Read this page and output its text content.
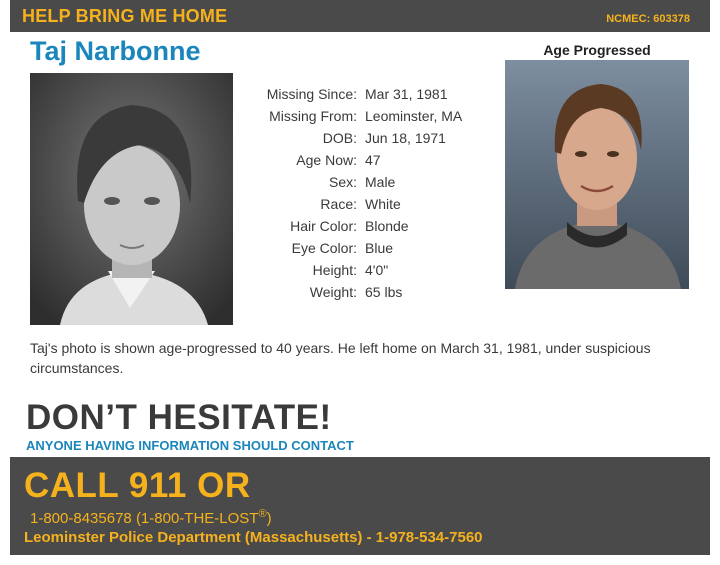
HELP BRING ME HOME	NCMEC: 603378
Taj Narbonne	Age Progressed
Missing Since: Mar 31, 1981
Missing From: Leominster, MA
DOB: Jun 18, 1971
Age Now: 47
Sex: Male
Race: White
Hair Color: Blonde
Eye Color: Blue
Height: 4'0"
Weight: 65 lbs
Taj's photo is shown age-progressed to 40 years. He left home on March 31, 1981, under suspicious circumstances.
DON’T HESITATE!
ANYONE HAVING INFORMATION SHOULD CONTACT
CALL 911 OR
1-800-8435678 (1-800-THE-LOST®)
Leominster Police Department (Massachusetts) - 1-978-534-7560
